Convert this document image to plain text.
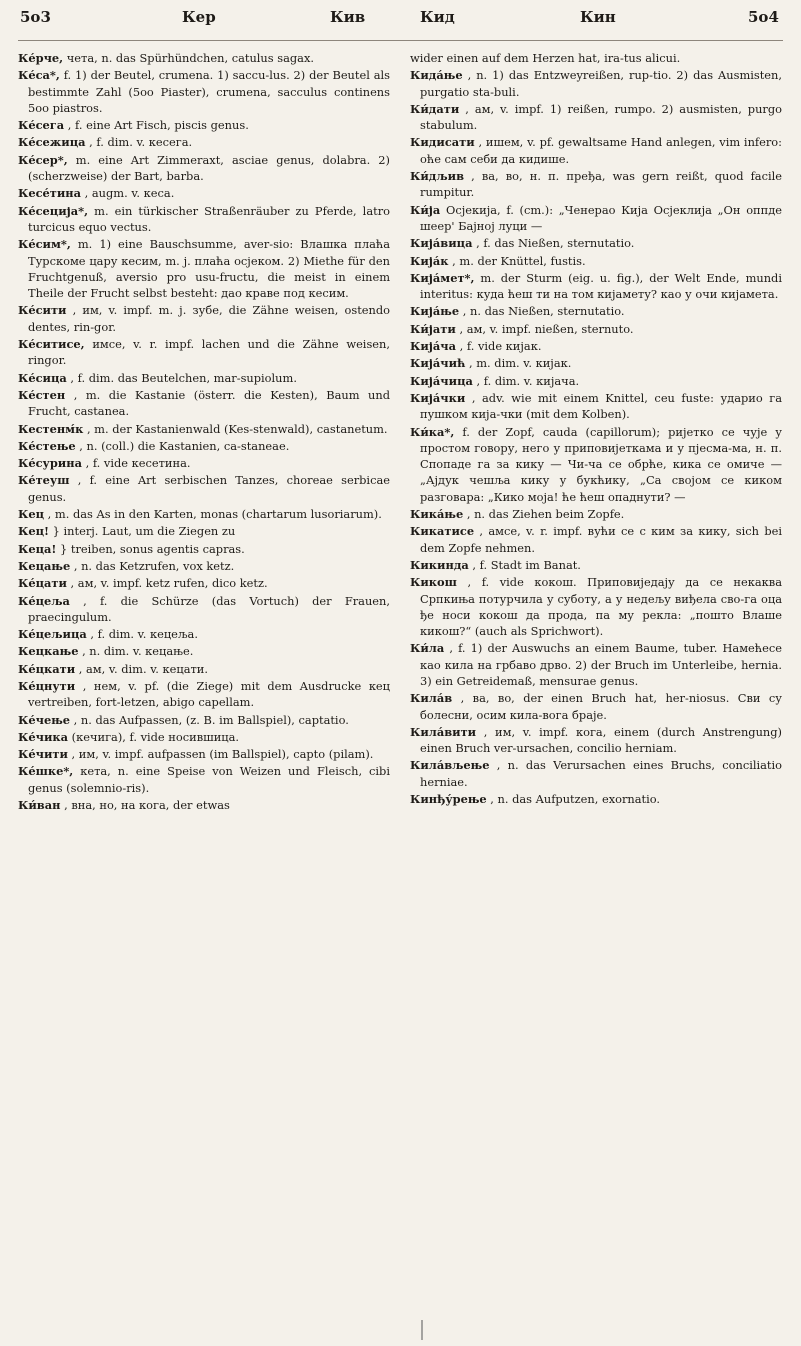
5o3	Кер	Кив	Кид	Кин	5o4
Ке́рче, чета, n. das Spürhündchen, catulus sagax.
Ке́са*, f. 1) der Beutel, crumena. 1) saccu-lus. 2) der Beutel als bestimmte Zahl (5oo Piaster), crumena, sacculus continens 5oo piastros.
Ке́сега , f. eine Art Fisch, piscis genus.
Ке́сежица , f. dim. v. кесега.
Ке́сер*, m. eine Art Zimmeraxt, asciae genus, dolabra. 2) (scherzweise) der Bart, barba.
Кесе́тина , augm. v. кеса.
Ке́сеција*, m. ein türkischer Straßenräuber zu Pferde, latro turcicus equo vectus.
Ке́сим*, m. 1) eine Bauschsumme, aver-sio: Влашка плаћа Турскоме цару кесим, m. j. плаћа осјеком. 2) Miethe für den Fruchtgenuß, aversio pro usu-fructu, die meist in einem Theile der Frucht selbst besteht: дао краве под кесим.
Ке́сити , им, v. impf. m. j. зубе, die Zähne weisen, ostendo dentes, rin-gor.
Ке́ситисе, имсе, v. r. impf. lachen und die Zähne weisen, ringor.
Ке́сица , f. dim. das Beutelchen, mar-supiolum.
Ке́стен , m. die Kastanie (österr. die Kesten), Baum und Frucht, castanea.
Кестенм́к , m. der Kastanienwald (Kes-stenwald), castanetum.
Ке́стење , n. (coll.) die Kastanien, ca-staneae.
Ке́сурина , f. vide кесетина.
Ке́теуш , f. eine Art serbischen Tanzes, choreae serbicae genus.
Кец , m. das As in den Karten, monas (chartarum lusoriarum).
Кец! } interj. Laut, um die Ziegen zu
Кеца! } treiben, sonus agentis capras.
Кецање , n. das Ketzrufen, vox ketz.
Ке́цати , ам, v. impf. ketz rufen, dico ketz.
Ке́цеља , f. die Schürze (das Vortuch) der Frauen, praecingulum.
Ке́цељица , f. dim. v. кецеља.
Кецкање , n. dim. v. кецање.
Ке́цкати , ам, v. dim. v. кецати.
Ке́цнути , нем, v. pf. (die Ziege) mit dem Ausdrucke кец vertreiben, fort-letzen, abigo capellam.
Ке́чење , n. das Aufpassen, (z. B. im Ballspiel), captatio.
Ке́чика (кечига), f. vide носившица.
Ке́чити , им, v. impf. aufpassen (im Ballspiel), capto (pilam).
Ке́шке*, кета, n. eine Speise von Weizen und Fleisch, cibi genus (solemnio-ris).
Ки́ван , вна, но, на кога, der etwas
wider einen auf dem Herzen hat, ira-tus alicui.
Кида́ње , n. 1) das Entzweyreißen, rup-tio. 2) das Ausmisten, purgatio sta-buli.
Ки́дати , ам, v. impf. 1) reißen, rumpo. 2) ausmisten, purgo stabulum.
Кидисати , ишем, v. pf. gewaltsame Hand anlegen, vim infero: оће сам себи да кидише.
Ки́дљив , ва, во, н. п. пређа, was gern reißt, quod facile rumpitur.
Ки́ја Осјекија, f. (cm.): „Ченерао Кија Осјеклија „Он оппде шеер' Бајној луци —
Кија́вица , f. das Nießen, sternutatio.
Кија́к , m. der Knüttel, fustis.
Кија́мет*, m. der Sturm (eig. u. fig.), der Welt Ende, mundi interitus: куда ћеш ти на том кијамету? као у очи кијамета.
Кија́ње , n. das Nießen, sternutatio.
Ки́јати , ам, v. impf. nießen, sternuto.
Кија́ча , f. vide кијак.
Кија́чић , m. dim. v. кијак.
Кија́чица , f. dim. v. кијача.
Кија́чки , adv. wie mit einem Knittel, ceu fuste: ударио га пушком кија-чки (mit dem Kolben).
Ки́ка*, f. der Zopf, cauda (capillorum); ријетко се чује у простом говору, него у приповијеткама и у пјесма-ма, н. п. Спопаде га за кику — Чи-ча се обрће, кика се омиче — „Ајдук чешља кику у букћику, „Са својом се киком разговара: „Кико моја! ће ћеш опаднути? —
Кика́ње , n. das Ziehen beim Zopfe.
Кикатисе , амсе, v. r. impf. вући се с ким за кику, sich bei dem Zopfe nehmen.
Кикинда , f. Stadt im Banat.
Кикош , f. vide кокош. Приповиједају да се некаква Српкиња потурчила у суботу, а у недељу виђела сво-га оца ђе носи кокош да прода, па му рекла: „пошто Влаше кикош?“ (auch als Sprichwort).
Ки́ла , f. 1) der Auswuchs an einem Baume, tuber. Намећесе као кила на грбаво дрво. 2) der Bruch im Unterleibe, hernia. 3) ein Getreidemaß, mensurae genus.
Кила́в , ва, во, der einen Bruch hat, her-niosus. Сви су болесни, осим кила-вога браје.
Кила́вити , им, v. impf. кога, einem (durch Anstrengung) einen Bruch ver-ursachen, concilio herniam.
Кила́вљење , n. das Verursachen eines Bruchs, conciliatio herniae.
Кинђу́рење , n. das Aufputzen, exornatio.
